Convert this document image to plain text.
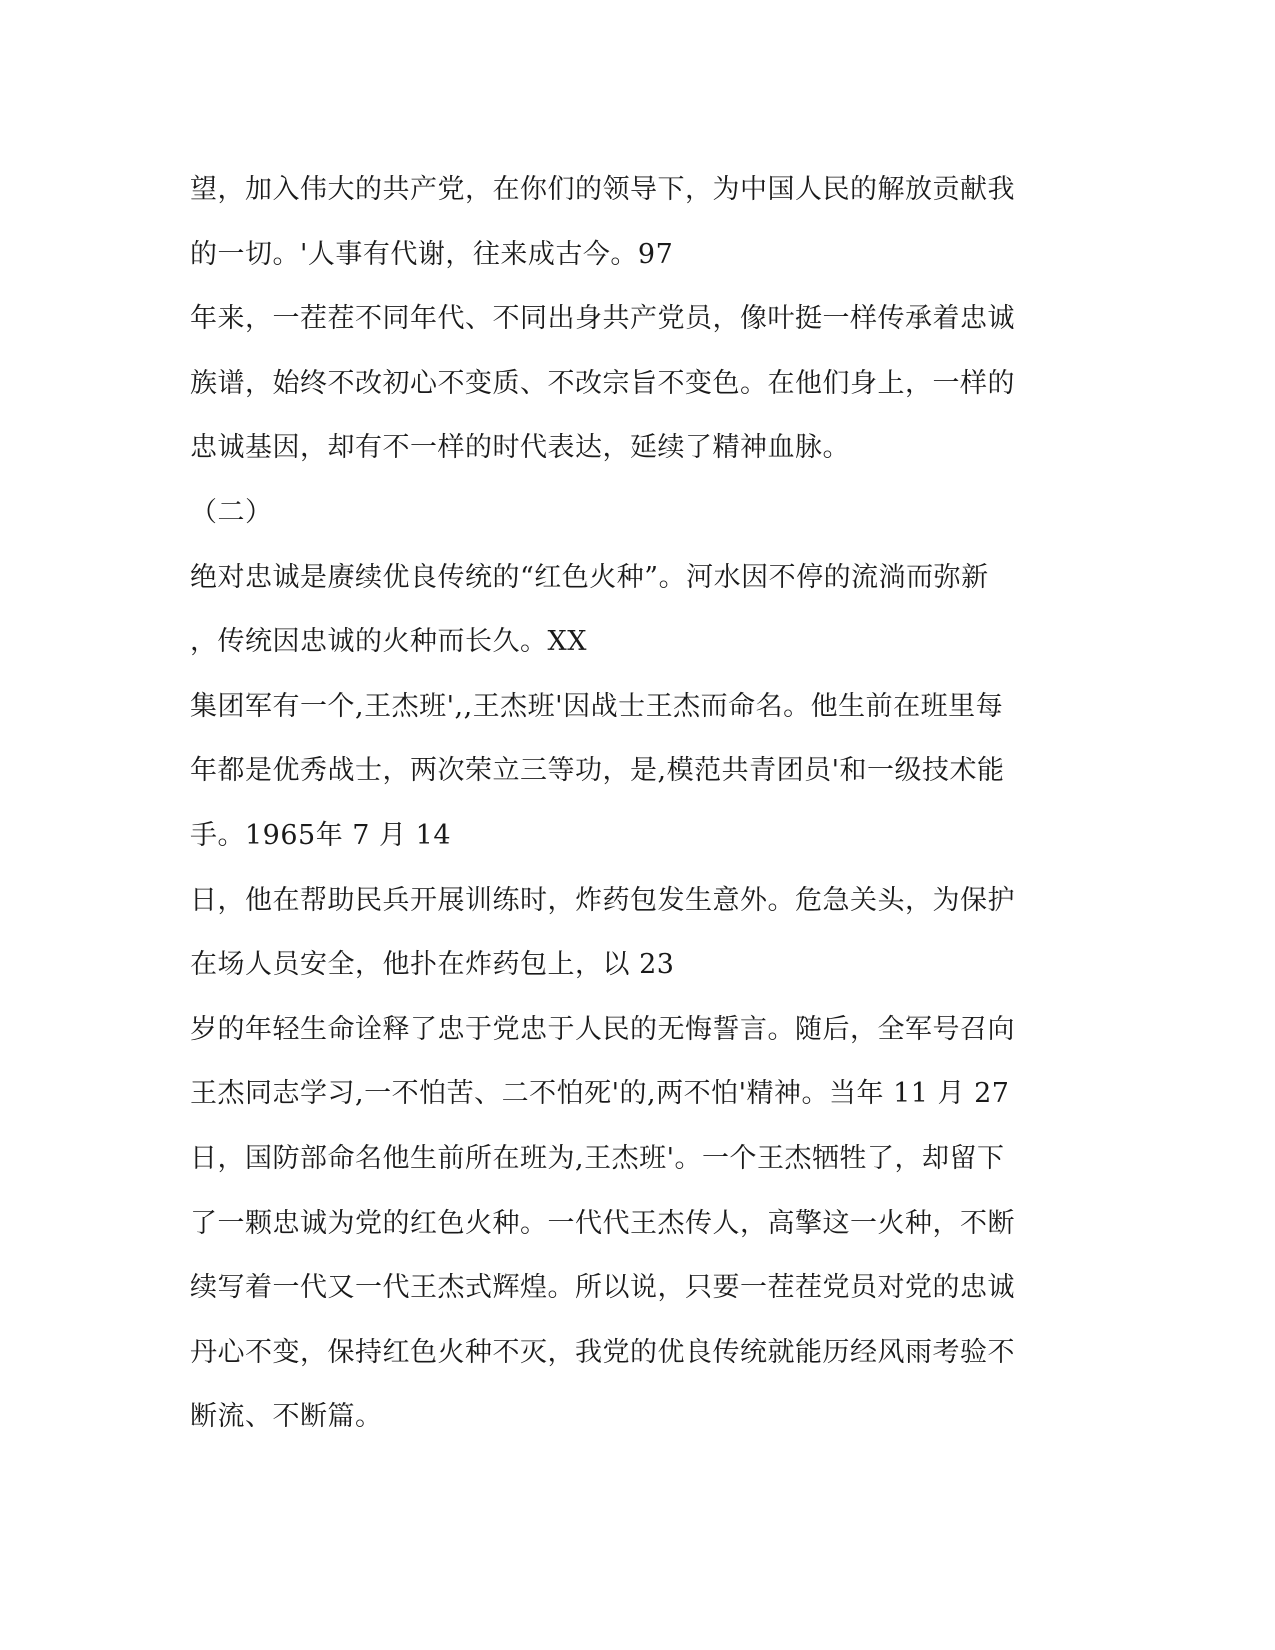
望，加入伟大的共产党，在你们的领导下，为中国人民的解放贡献我
的一切。'人事有代谢，往来成古今。97
年来，一茬茬不同年代、不同出身共产党员，像叶挺一样传承着忠诚
族谱，始终不改初心不变质、不改宗旨不变色。在他们身上，一样的
忠诚基因，却有不一样的时代表达，延续了精神血脉。
（二）
绝对忠诚是赓续优良传统的“红色火种”。河水因不停的流淌而弥新
，传统因忠诚的火种而长久。XX
集团军有一个,王杰班',,王杰班'因战士王杰而命名。他生前在班里每
年都是优秀战士，两次荣立三等功，是,模范共青团员'和一级技术能
手。1965年 7 月 14
日，他在帮助民兵开展训练时，炸药包发生意外。危急关头，为保护
在场人员安全，他扑在炸药包上，以 23
岁的年轻生命诠释了忠于党忠于人民的无悔誓言。随后，全军号召向
王杰同志学习,一不怕苦、二不怕死'的,两不怕'精神。当年 11 月 27
日，国防部命名他生前所在班为,王杰班'。一个王杰牺牲了，却留下
了一颗忠诚为党的红色火种。一代代王杰传人，高擎这一火种，不断
续写着一代又一代王杰式辉煌。所以说，只要一茬茬党员对党的忠诚
丹心不变，保持红色火种不灭，我党的优良传统就能历经风雨考验不
断流、不断篇。
